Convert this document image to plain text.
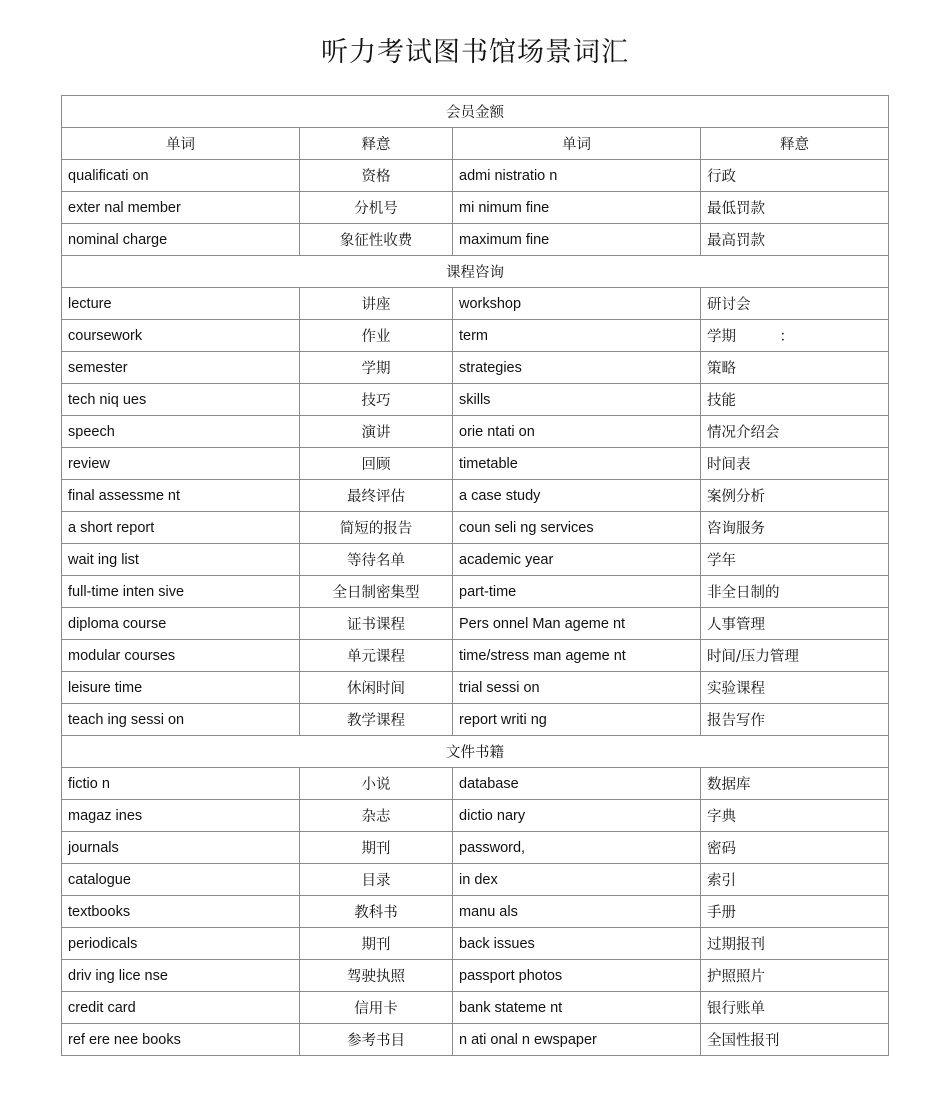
听力考试图书馆场景词汇
会员金额			
单词	释意	单词	释意
qualificati on	资格	admi nistratio n	行政
exter nal member	分机号	mi nimum fine	最低罚款
nominal charge	象征性收费	maximum fine	最高罚款
课程咨询			
lecture	讲座	workshop	研讨会
coursework	作业	term	学期　　　：
semester	学期	strategies	策略
tech niq ues	技巧	skills	技能
speech	演讲	orie ntati on	情况介绍会
review	回顾	timetable	时间表
final assessme nt	最终评估	a case study	案例分析
a short report	简短的报告	coun seli ng services	咨询服务
wait ing list	等待名单	academic year	学年
full-time inten sive	全日制密集型	part-time	非全日制的
diploma course	证书课程	Pers onnel Man ageme nt	人事管理
modular courses	单元课程	time/stress man ageme nt	时间/压力管理
leisure time	休闲时间	trial sessi on	实验课程
teach ing sessi on	教学课程	report writi ng	报告写作
文件书籍			
fictio n	小说	database	数据库
magaz ines	杂志	dictio nary	字典
journals	期刊	password,	密码
catalogue	目录	in dex	索引
textbooks	教科书	manu als	手册
periodicals	期刊	back issues	过期报刊
driv ing lice nse	驾驶执照	passport photos	护照照片
credit card	信用卡	bank stateme nt	银行账单
ref ere nee books	参考书目	n ati onal n ewspaper	全国性报刊
